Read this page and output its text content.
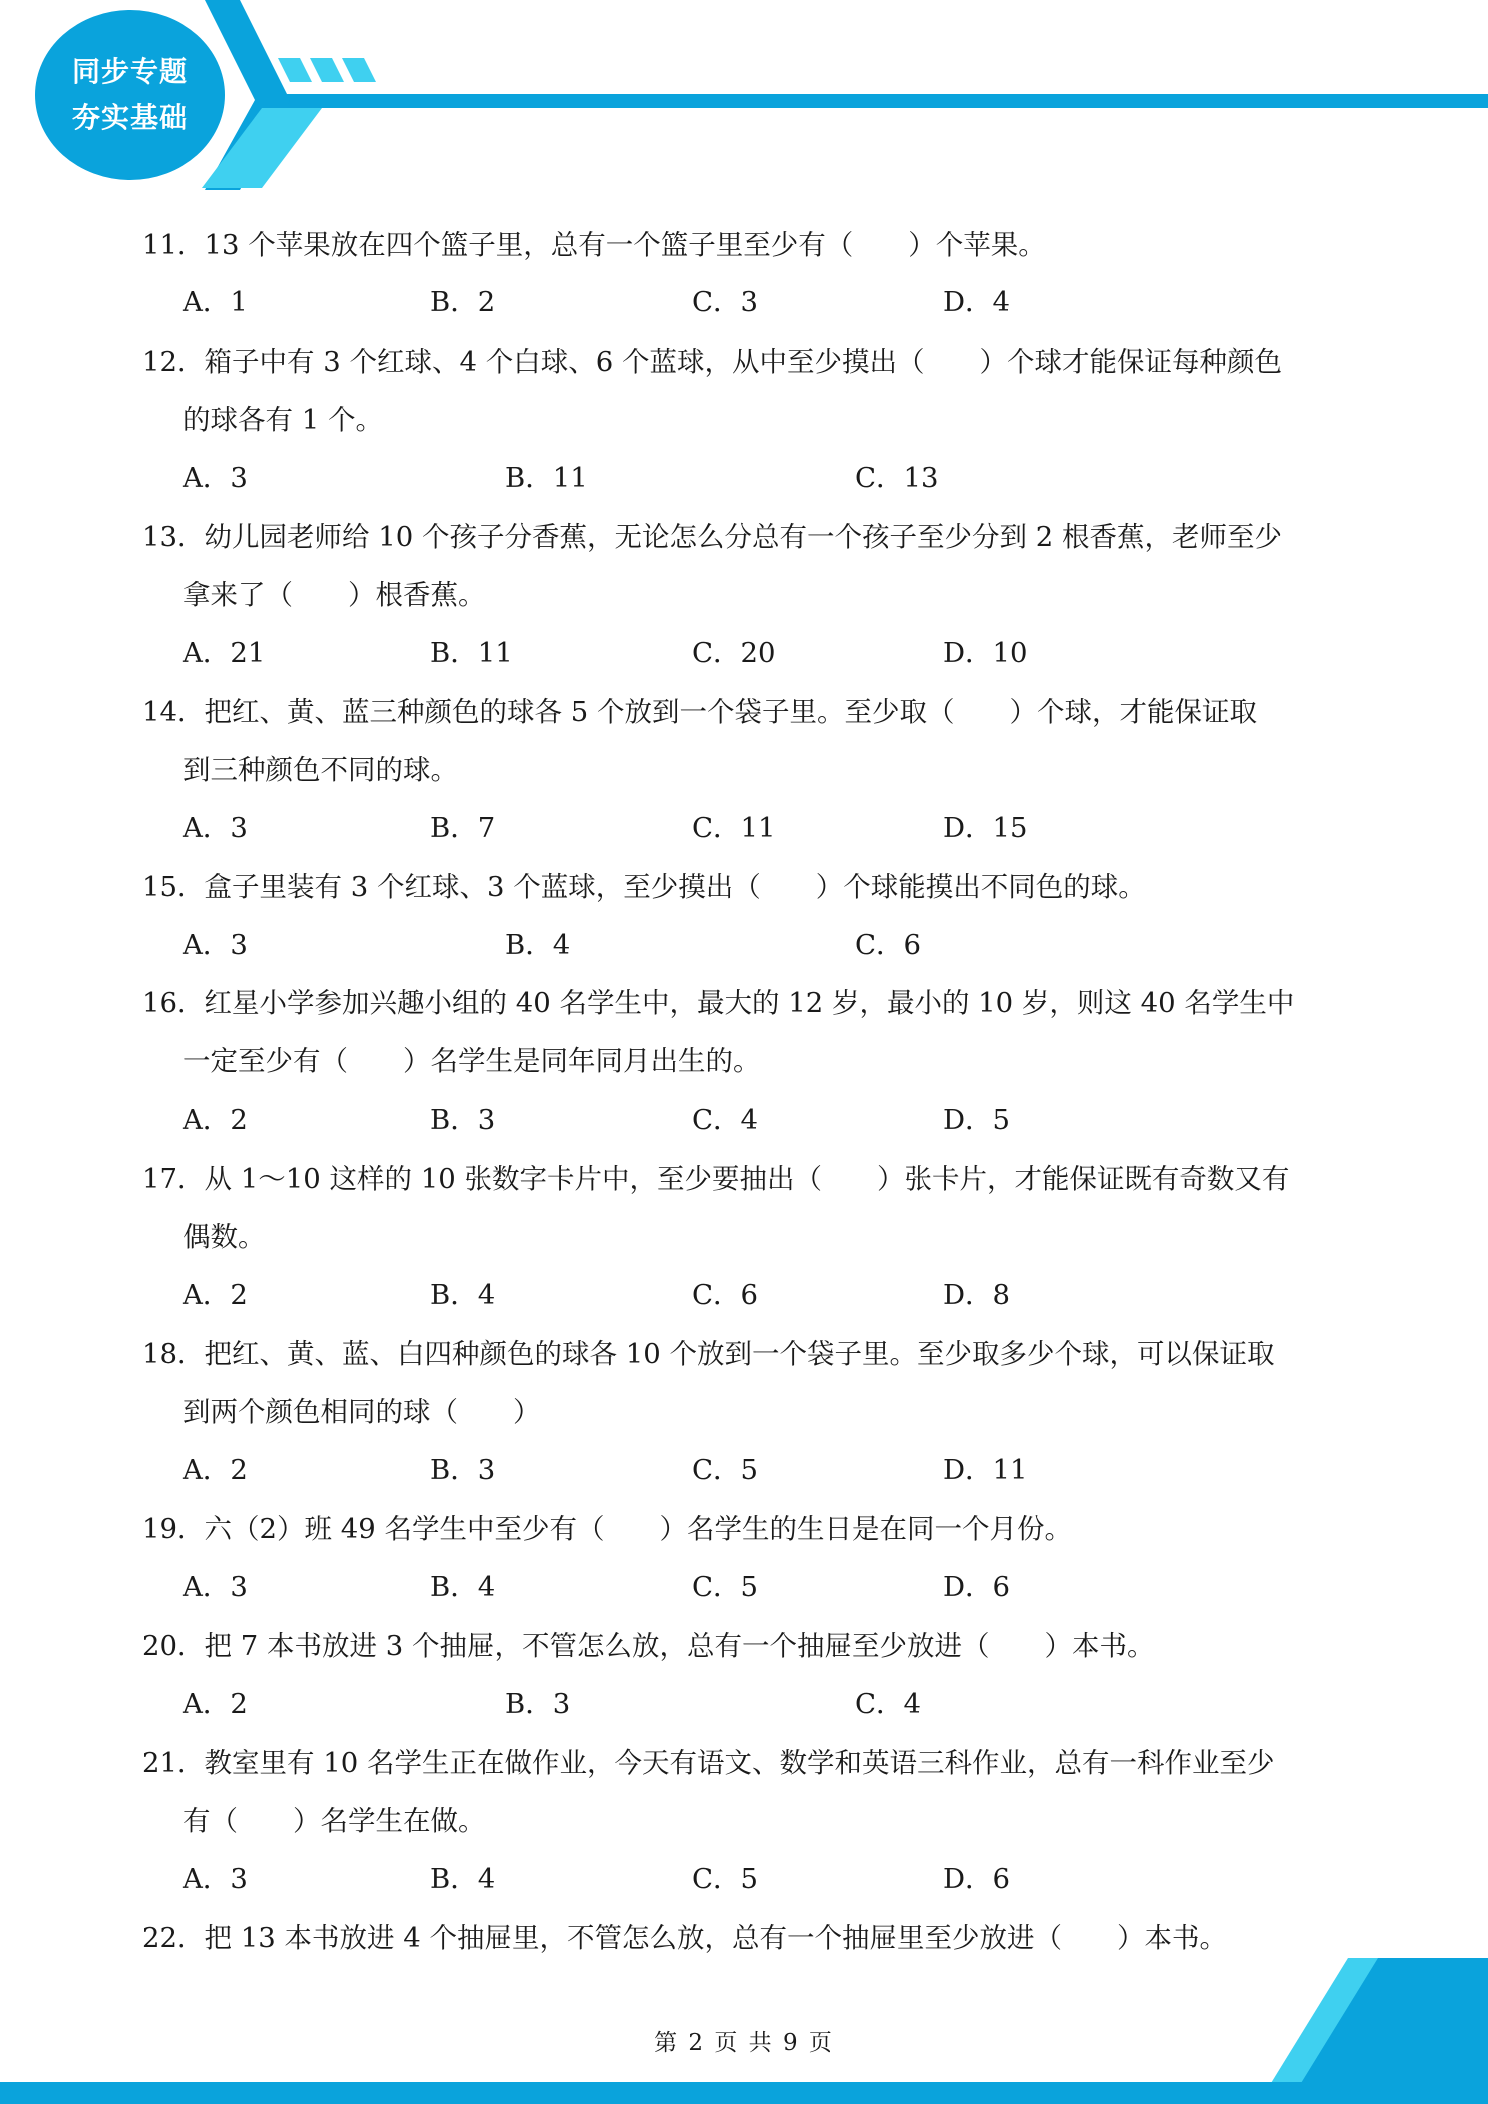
同步专题
夯实基础
11．13 个苹果放在四个篮子里，总有一个篮子里至少有（　　）个苹果。
A．1	B．2	C．3	D．4
12．箱子中有 3 个红球、4 个白球、6 个蓝球，从中至少摸出（　　）个球才能保证每种颜色
的球各有 1 个。
A．3	B．11	C．13
13．幼儿园老师给 10 个孩子分香蕉，无论怎么分总有一个孩子至少分到 2 根香蕉，老师至少
拿来了（　　）根香蕉。
A．21	B．11	C．20	D．10
14．把红、黄、蓝三种颜色的球各 5 个放到一个袋子里。至少取（　　）个球，才能保证取
到三种颜色不同的球。
A．3	B．7	C．11	D．15
15．盒子里装有 3 个红球、3 个蓝球，至少摸出（　　）个球能摸出不同色的球。
A．3	B．4	C．6
16．红星小学参加兴趣小组的 40 名学生中，最大的 12 岁，最小的 10 岁，则这 40 名学生中
一定至少有（　　）名学生是同年同月出生的。
A．2	B．3	C．4	D．5
17．从 1～10 这样的 10 张数字卡片中，至少要抽出（　　）张卡片，才能保证既有奇数又有
偶数。
A．2	B．4	C．6	D．8
18．把红、黄、蓝、白四种颜色的球各 10 个放到一个袋子里。至少取多少个球，可以保证取
到两个颜色相同的球（　　）
A．2	B．3	C．5	D．11
19．六（2）班 49 名学生中至少有（　　）名学生的生日是在同一个月份。
A．3	B．4	C．5	D．6
20．把 7 本书放进 3 个抽屉，不管怎么放，总有一个抽屉至少放进（　　）本书。
A．2	B．3	C．4
21．教室里有 10 名学生正在做作业，今天有语文、数学和英语三科作业，总有一科作业至少
有（　　）名学生在做。
A．3	B．4	C．5	D．6
22．把 13 本书放进 4 个抽屉里，不管怎么放，总有一个抽屉里至少放进（　　）本书。
第 2 页 共 9 页
